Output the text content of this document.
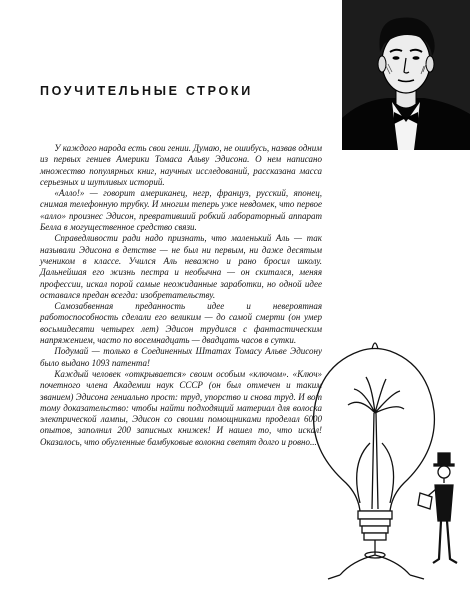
ПОУЧИТЕЛЬНЫЕ СТРОКИ

У каждого народа есть свои гении. Думаю, не ошибусь, назвав одним из первых гениев Америки Томаса Альву Эдисона. О нем написано множество популярных книг, научных исследований, рассказана масса серьезных и шутливых историй.

«Алло!» — говорит американец, негр, француз, русский, японец, снимая телефонную трубку. И многим теперь уже невдомек, что первое «алло» произнес Эдисон, превративший робкий лабораторный аппарат Белла в могущественное средство связи.

Справедливости ради надо признать, что маленький Аль — так называли Эдисона в детстве — не был ни первым, ни даже десятым учеником в классе. Учился Аль неважно и рано бросил школу. Дальнейшая его жизнь пестра и необычна — он скитался, меняя профессии, искал порой самые неожиданные заработки, но одной идее оставался предан всегда: изобретательству.

Самозабвенная преданность идее и невероятная работоспособность сделали его великим — до самой смерти (он умер восьмидесяти четырех лет) Эдисон трудился с фантастическим напряжением, часто по восемнадцать — двадцать часов в сутки.

Подумай — только в Соединенных Штатах Томасу Альве Эдисону было выдано 1093 патента!

Каждый человек «открывается» своим особым «ключом». «Ключ» почетного члена Академии наук СССР (он был отмечен и таким званием) Эдисона гениально прост: труд, упорство и снова труд. И вот тому доказательство: чтобы найти подходящий материал для волоска электрической лампы, Эдисон со своими помощниками проделал 6000 опытов, заполнил 200 записных книжек! И нашел то, что искал! Оказалось, что обугленные бамбуковые волокна светят долго и ровно...
